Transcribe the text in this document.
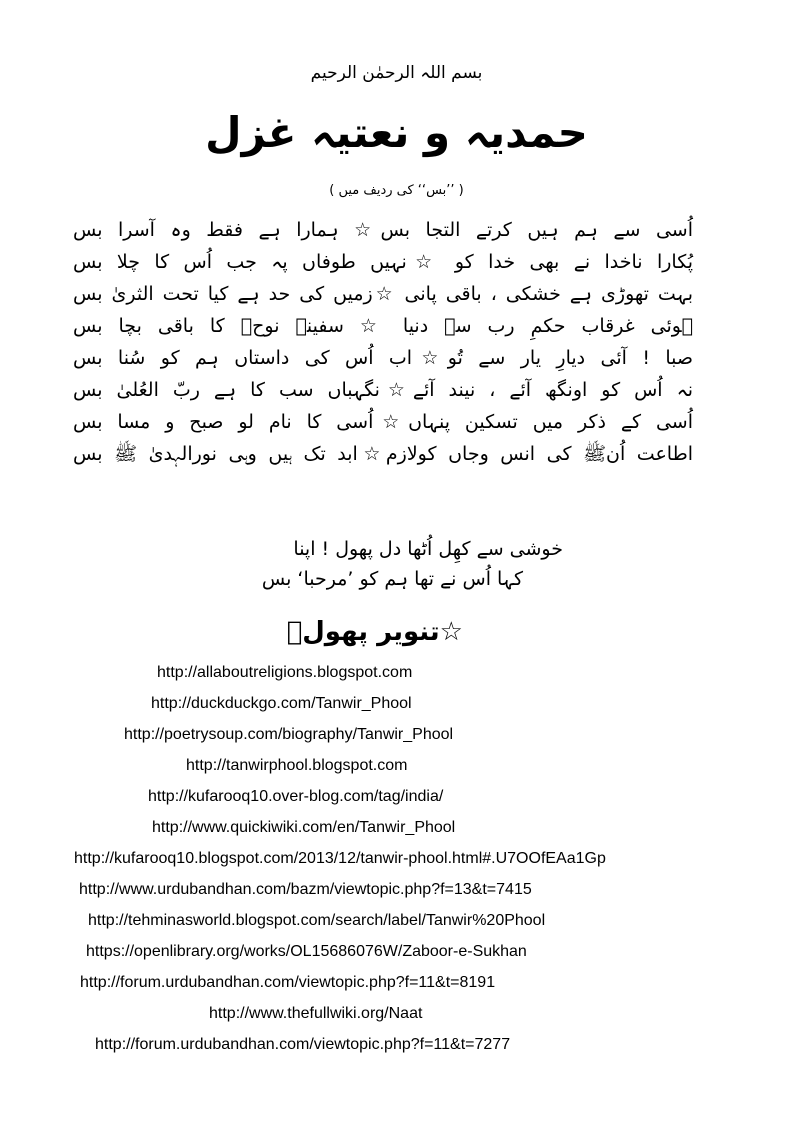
بسم اللہ الرحمٰن الرحیم
حمدیہ و نعتیہ غزل
( ’’بس‘‘ کی ردیف میں )
اُسی سے ہم ہیں کرتے التجا بس☆ ہمارا ہے فقط وہ آسرا بس
پُکارا ناخدا نے بھی خدا کو ☆نہیں طوفاں پہ جب اُس کا چلا بس
بہت تھوڑی ہے خشکی ، باقی پانی ☆زمیں کی حد ہے کیا تحت الثریٰ بس
ہوئی غرقاب حکمِ رب سے دنیا ☆ سفینہ نوحؑ کا باقی بچا بس
صبا ! آئی دیارِ یار سے تُو☆اب اُس کی داستاں ہم کو سُنا بس
نہ اُس کو اونگھ آئے ، نیند آئے☆نگہباں سب کا ہے ربّ العُلیٰ بس
اُسی کے ذکر میں تسکین پنہاں☆اُسی کا نام لو صبح و مسا بس
اطاعت اُنﷺ کی انس وجاں کولازم☆ابد تک ہیں وہی نورالہدیٰ ﷺ بس
خوشی سے کھِل اُٹھا دل پھول ! اپنا
کہا اُس نے تھا ہم کو ’مرحبا‘ بس
☆تنویر پھولؔ
http://allaboutreligions.blogspot.com
http://duckduckgo.com/Tanwir_Phool
http://poetrysoup.com/biography/Tanwir_Phool
http://tanwirphool.blogspot.com
http://kufarooq10.over-blog.com/tag/india/
http://www.quickiwiki.com/en/Tanwir_Phool
http://kufarooq10.blogspot.com/2013/12/tanwir-phool.html#.U7OOfEAa1Gp
http://www.urdubandhan.com/bazm/viewtopic.php?f=13&t=7415
http://tehminasworld.blogspot.com/search/label/Tanwir%20Phool
https://openlibrary.org/works/OL15686076W/Zaboor-e-Sukhan
http://forum.urdubandhan.com/viewtopic.php?f=11&t=8191
http://www.thefullwiki.org/Naat
http://forum.urdubandhan.com/viewtopic.php?f=11&t=7277
